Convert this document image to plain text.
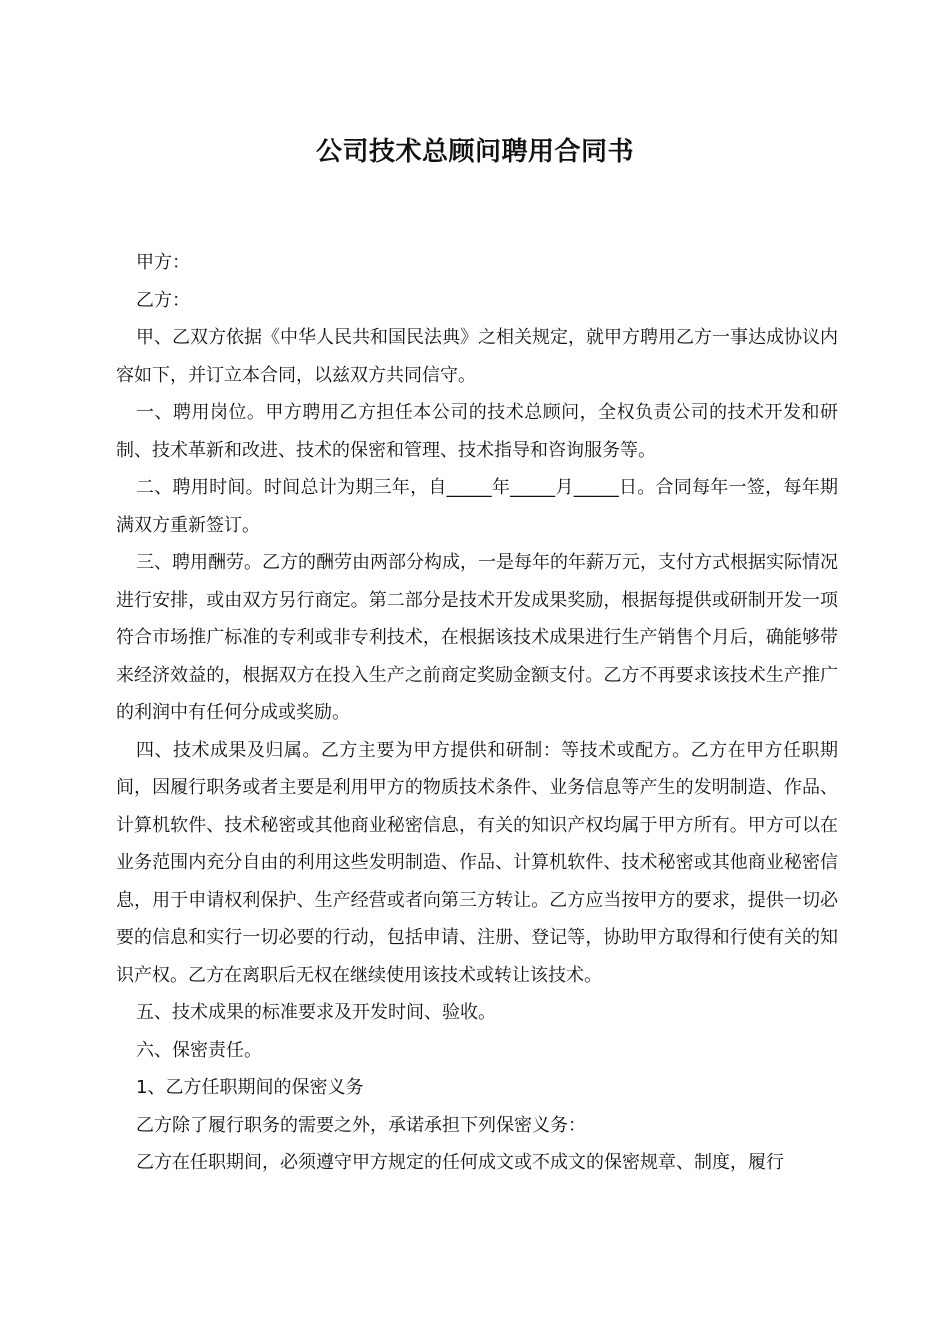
公司技术总顾问聘用合同书

甲方：

乙方：

甲、乙双方依据《中华人民共和国民法典》之相关规定，就甲方聘用乙方一事达成协议内容如下，并订立本合同，以兹双方共同信守。

一、聘用岗位。甲方聘用乙方担任本公司的技术总顾问，全权负责公司的技术开发和研制、技术革新和改进、技术的保密和管理、技术指导和咨询服务等。

二、聘用时间。时间总计为期三年，自_____年_____月_____日。合同每年一签，每年期满双方重新签订。

三、聘用酬劳。乙方的酬劳由两部分构成，一是每年的年薪万元，支付方式根据实际情况进行安排，或由双方另行商定。第二部分是技术开发成果奖励，根据每提供或研制开发一项符合市场推广标准的专利或非专利技术，在根据该技术成果进行生产销售个月后，确能够带来经济效益的，根据双方在投入生产之前商定奖励金额支付。乙方不再要求该技术生产推广的利润中有任何分成或奖励。

四、技术成果及归属。乙方主要为甲方提供和研制：等技术或配方。乙方在甲方任职期间，因履行职务或者主要是利用甲方的物质技术条件、业务信息等产生的发明制造、作品、计算机软件、技术秘密或其他商业秘密信息，有关的知识产权均属于甲方所有。甲方可以在业务范围内充分自由的利用这些发明制造、作品、计算机软件、技术秘密或其他商业秘密信息，用于申请权利保护、生产经营或者向第三方转让。乙方应当按甲方的要求，提供一切必要的信息和实行一切必要的行动，包括申请、注册、登记等，协助甲方取得和行使有关的知识产权。乙方在离职后无权在继续使用该技术或转让该技术。

五、技术成果的标准要求及开发时间、验收。

六、保密责任。

1、乙方任职期间的保密义务

乙方除了履行职务的需要之外，承诺承担下列保密义务：

乙方在任职期间，必须遵守甲方规定的任何成文或不成文的保密规章、制度，履行
